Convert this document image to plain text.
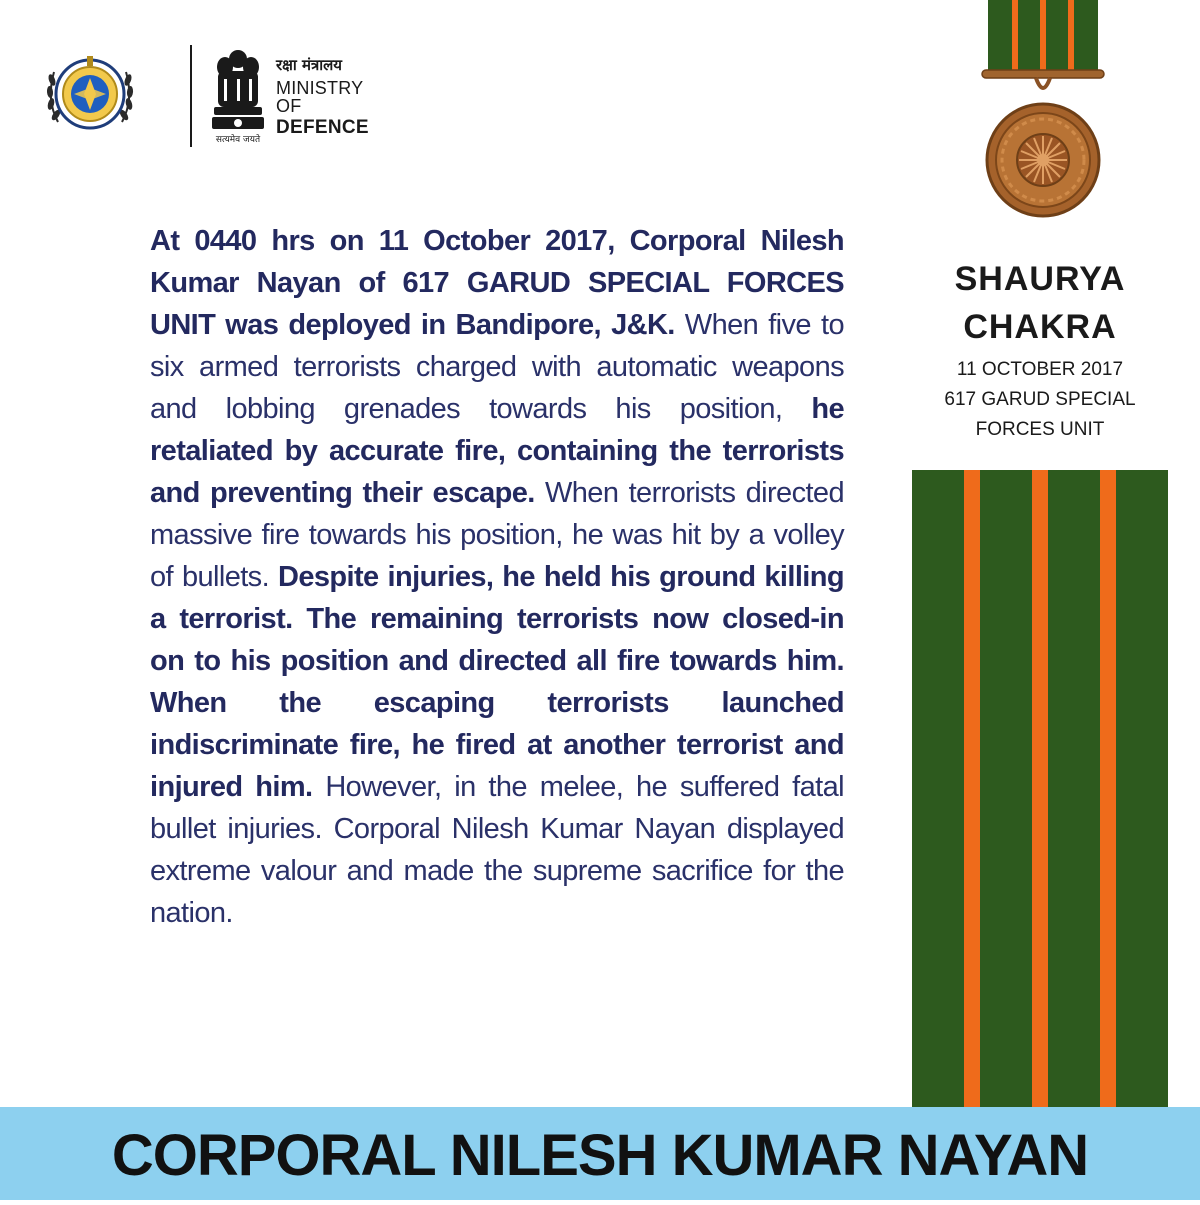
सत्यमेव जयते
रक्षा मंत्रालय
MINISTRY OF
DEFENCE

At 0440 hrs on 11 October 2017, Corporal Nilesh Kumar Nayan of 617 GARUD SPECIAL FORCES UNIT was deployed in Bandipore, J&K. When five to six armed terrorists charged with automatic weapons and lobbing grenades towards his position, he retaliated by accurate fire, containing the terrorists and preventing their escape. When terrorists directed massive fire towards his position, he was hit by a volley of bullets. Despite injuries, he held his ground killing a terrorist. The remaining terrorists now closed-in on to his position and directed all fire towards him. When the escaping terrorists launched indiscriminate fire, he fired at another terrorist and injured him. However, in the melee, he suffered fatal bullet injuries. Corporal Nilesh Kumar Nayan displayed extreme valour and made the supreme sacrifice for the nation.

SHAURYA

CHAKRA

11 OCTOBER 2017

617 GARUD SPECIAL

FORCES UNIT

CORPORAL NILESH KUMAR NAYAN
